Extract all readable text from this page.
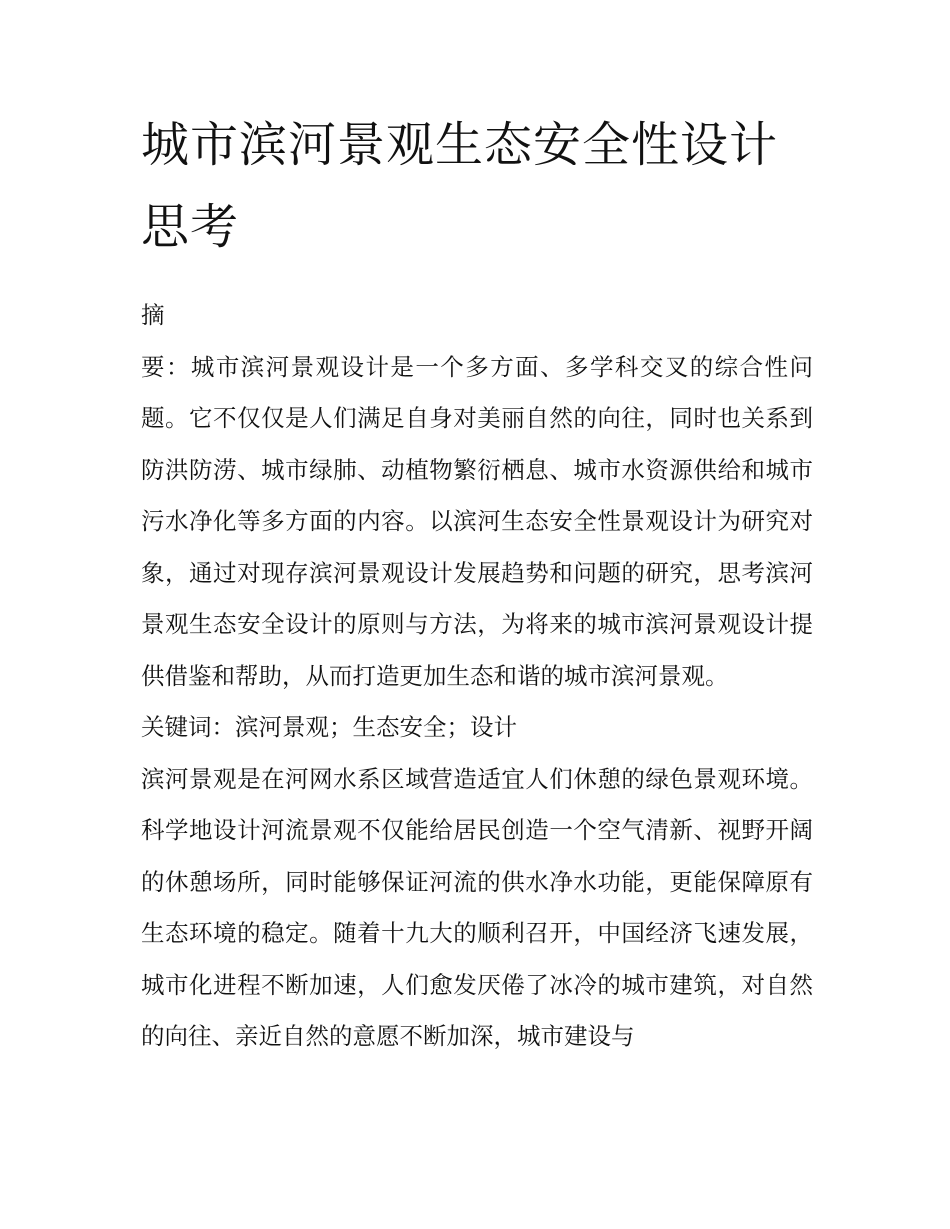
城市滨河景观生态安全性设计思考

摘

要：城市滨河景观设计是一个多方面、多学科交叉的综合性问题。它不仅仅是人们满足自身对美丽自然的向往，同时也关系到防洪防涝、城市绿肺、动植物繁衍栖息、城市水资源供给和城市污水净化等多方面的内容。以滨河生态安全性景观设计为研究对象，通过对现存滨河景观设计发展趋势和问题的研究，思考滨河景观生态安全设计的原则与方法，为将来的城市滨河景观设计提供借鉴和帮助，从而打造更加生态和谐的城市滨河景观。

关键词：滨河景观；生态安全；设计

滨河景观是在河网水系区域营造适宜人们休憩的绿色景观环境。科学地设计河流景观不仅能给居民创造一个空气清新、视野开阔的休憩场所，同时能够保证河流的供水净水功能，更能保障原有生态环境的稳定。随着十九大的顺利召开，中国经济飞速发展，城市化进程不断加速，人们愈发厌倦了冰冷的城市建筑，对自然的向往、亲近自然的意愿不断加深，城市建设与
